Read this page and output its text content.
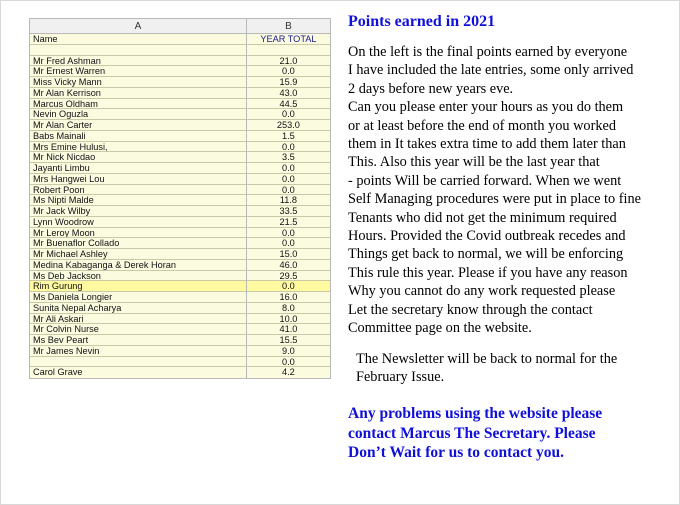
A	B
Name
Mr Fred Ashman
Mr Ernest Warren
Miss Vicky Mann
Mr Alan Kerrison
Marcus Oldham
Nevin Oguzla
Mr Alan Carter
Babs Mainali
Mrs Emine Hulusi,
Mr Nick Nicdao
Jayanti Limbu
Mrs Hangwei Lou
Robert Poon
Ms Nipti Malde
Mr Jack Wilby
Lynn Woodrow
Mr Leroy Moon
Mr Buenaflor Collado
Mr Michael Ashley
Medina Kabaganga & Derek Horan
Ms Deb Jackson
Rim Gurung
Ms Daniela Longier
Sunita Nepal Acharya
Mr Ali Askari
Mr Colvin Nurse
Ms Bev Peart
Mr James Nevin
Carol Grave
YEAR TOTAL
21.0
0.0
15.9
43.0
44.5
0.0
253.0
1.5
0.0
3.5
0.0
0.0
0.0
11.8
33.5
21.5
0.0
0.0
15.0
46.0
29.5
0.0
16.0
8.0
10.0
41.0
15.5
9.0
0.0
4.2
Points earned in 2021
On the left is the final points earned by everyone
I have included the late entries, some only arrived
2 days before new years eve.
Can you please enter your hours as you do them
or at least before the end of month you worked
them in It takes extra time to add them later than
This. Also this year will be the last year that
- points Will be carried forward. When we went
Self Managing procedures were put in place to fine
Tenants who did not get the minimum required
Hours. Provided the Covid outbreak recedes and
Things get back to normal, we will be enforcing
This rule this year. Please if you have any reason
Why you cannot do any work requested please
Let the secretary know through the contact
Committee page on the website.
The Newsletter will be back to normal for the
February Issue.
Any problems using the website please
contact Marcus The Secretary. Please
Don’t Wait for us to contact you.
